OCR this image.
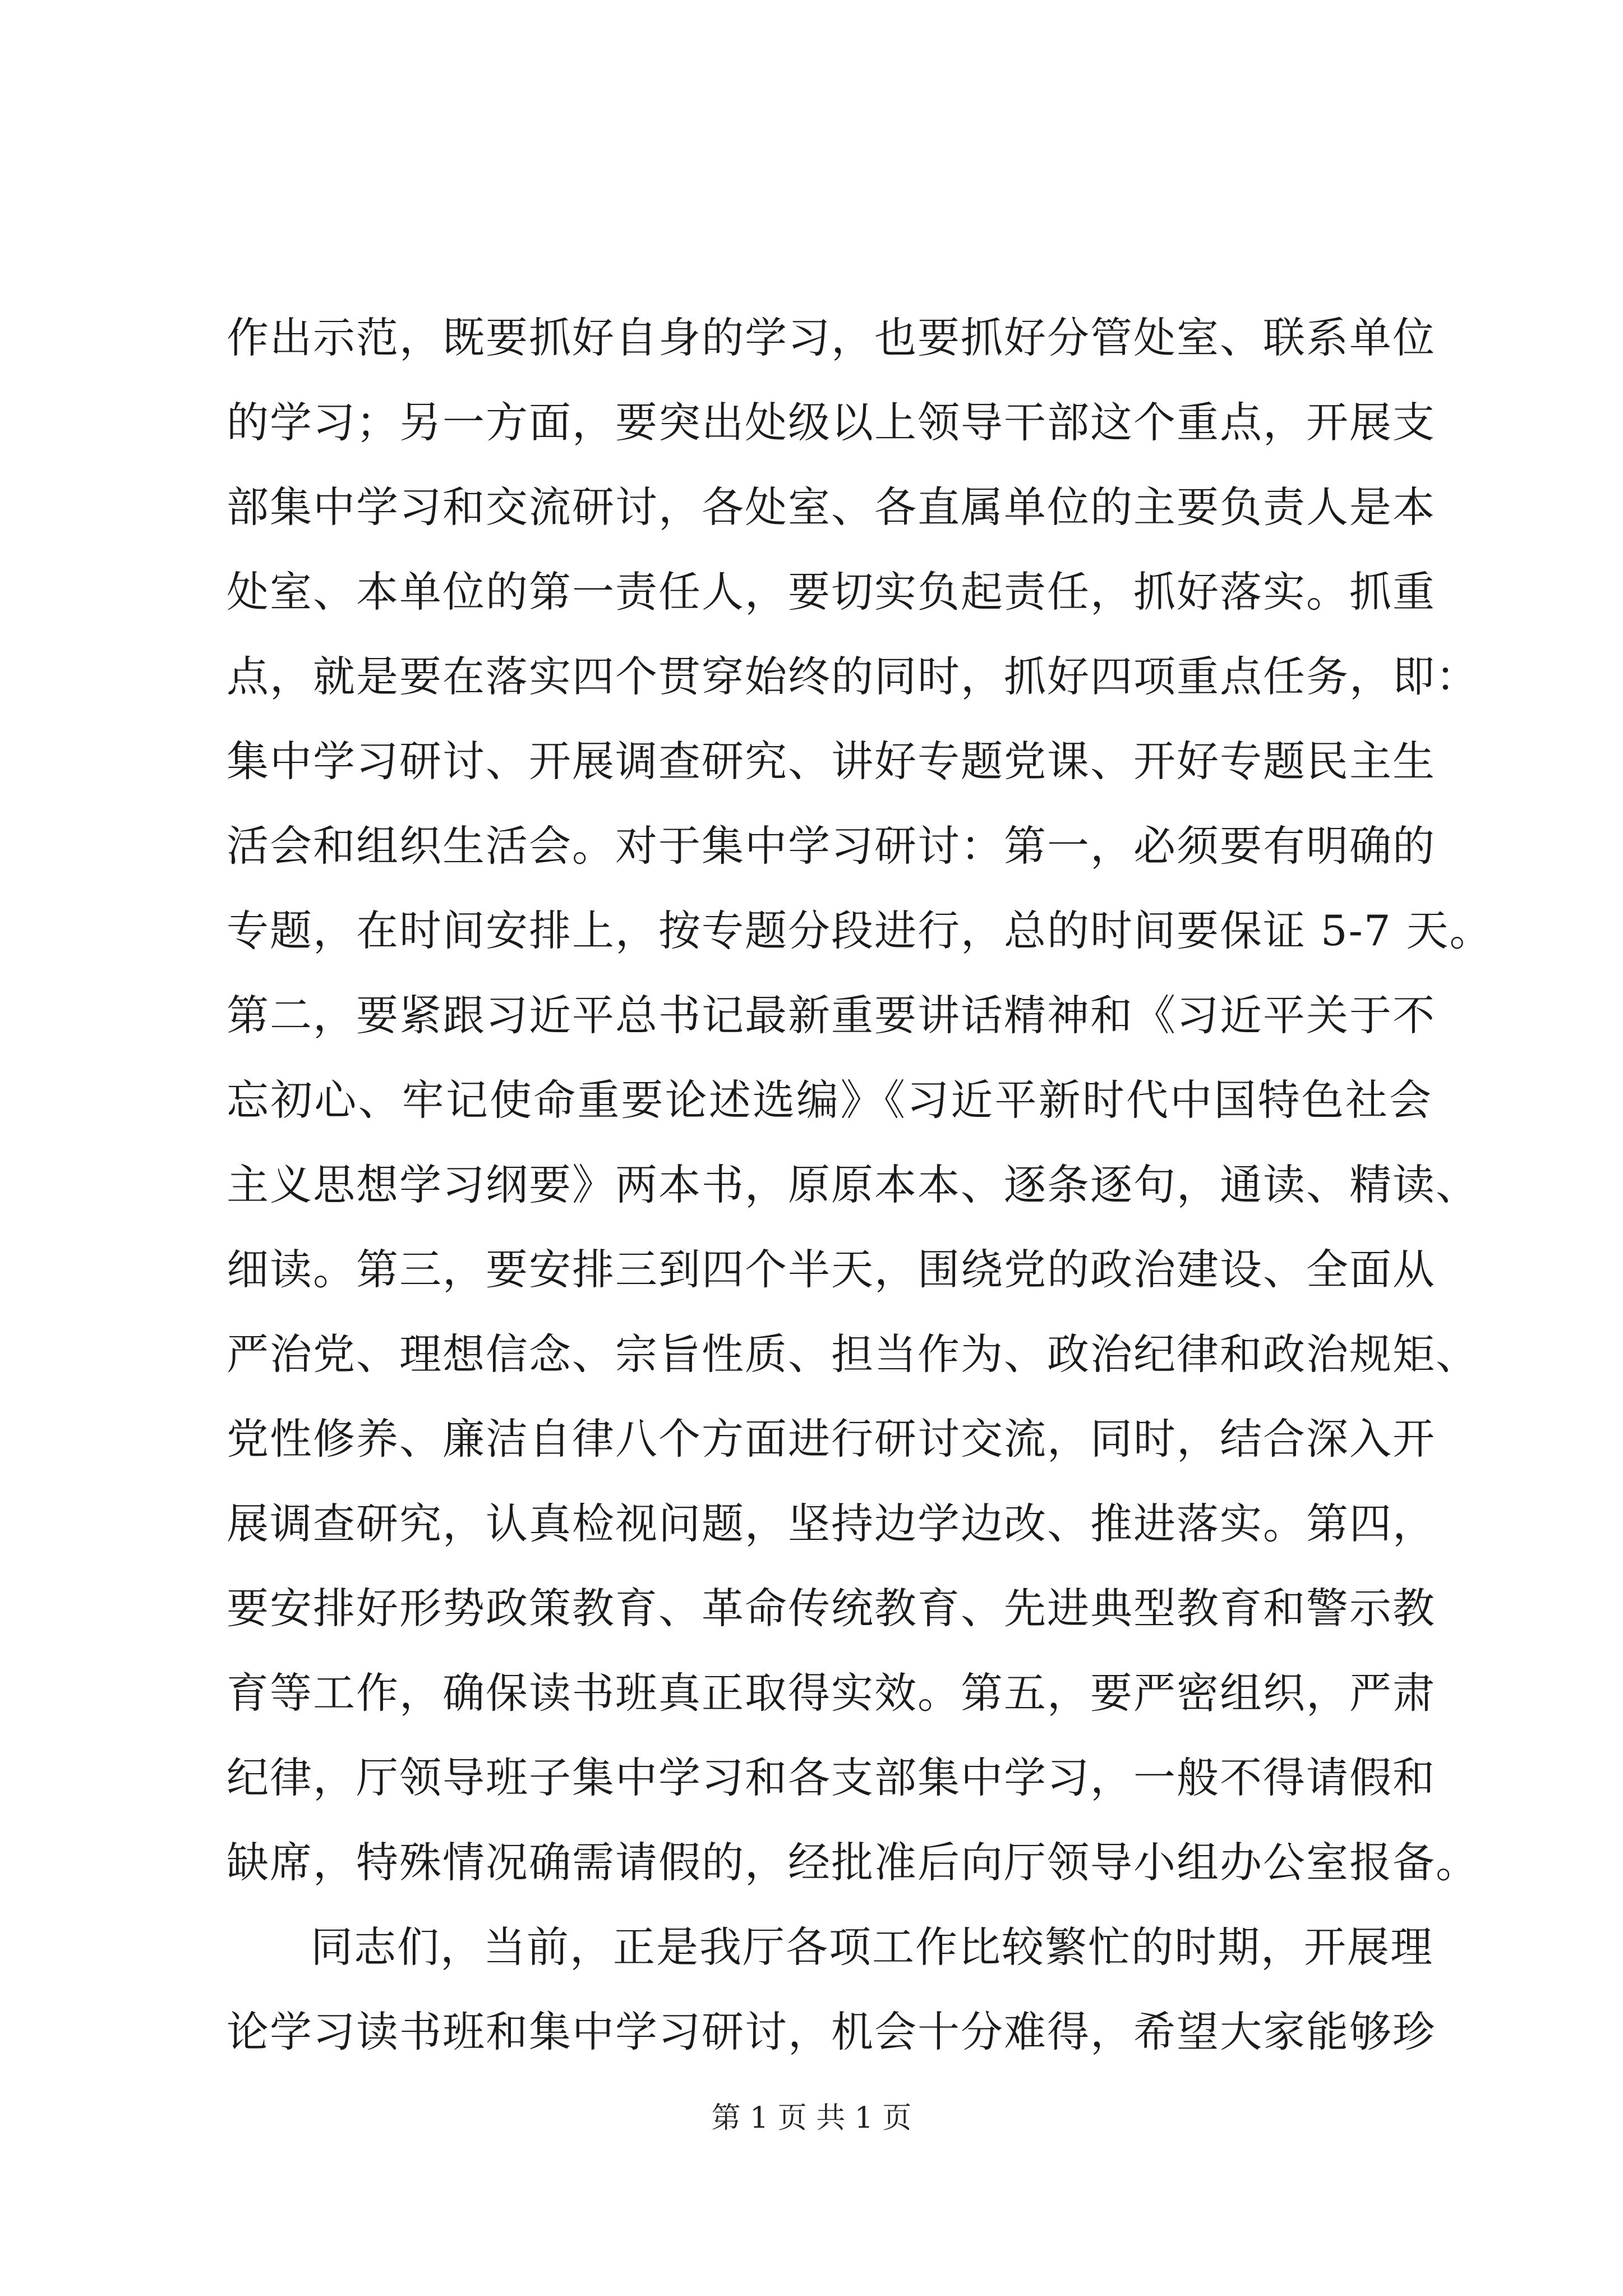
作出示范，既要抓好自身的学习，也要抓好分管处室、联系单位
的学习；另一方面，要突出处级以上领导干部这个重点，开展支
部集中学习和交流研讨，各处室、各直属单位的主要负责人是本
处室、本单位的第一责任人，要切实负起责任，抓好落实。抓重
点，就是要在落实四个贯穿始终的同时，抓好四项重点任务，即：
集中学习研讨、开展调查研究、讲好专题党课、开好专题民主生
活会和组织生活会。对于集中学习研讨：第一，必须要有明确的
专题，在时间安排上，按专题分段进行，总的时间要保证 5-7 天。
第二，要紧跟习近平总书记最新重要讲话精神和《习近平关于不
忘初心、牢记使命重要论述选编》《习近平新时代中国特色社会
主义思想学习纲要》两本书，原原本本、逐条逐句，通读、精读、
细读。第三，要安排三到四个半天，围绕党的政治建设、全面从
严治党、理想信念、宗旨性质、担当作为、政治纪律和政治规矩、
党性修养、廉洁自律八个方面进行研讨交流，同时，结合深入开
展调查研究，认真检视问题，坚持边学边改、推进落实。第四，
要安排好形势政策教育、革命传统教育、先进典型教育和警示教
育等工作，确保读书班真正取得实效。第五，要严密组织，严肃
纪律，厅领导班子集中学习和各支部集中学习，一般不得请假和
缺席，特殊情况确需请假的，经批准后向厅领导小组办公室报备。
同志们，当前，正是我厅各项工作比较繁忙的时期，开展理
论学习读书班和集中学习研讨，机会十分难得，希望大家能够珍
第 1 页 共 1 页
